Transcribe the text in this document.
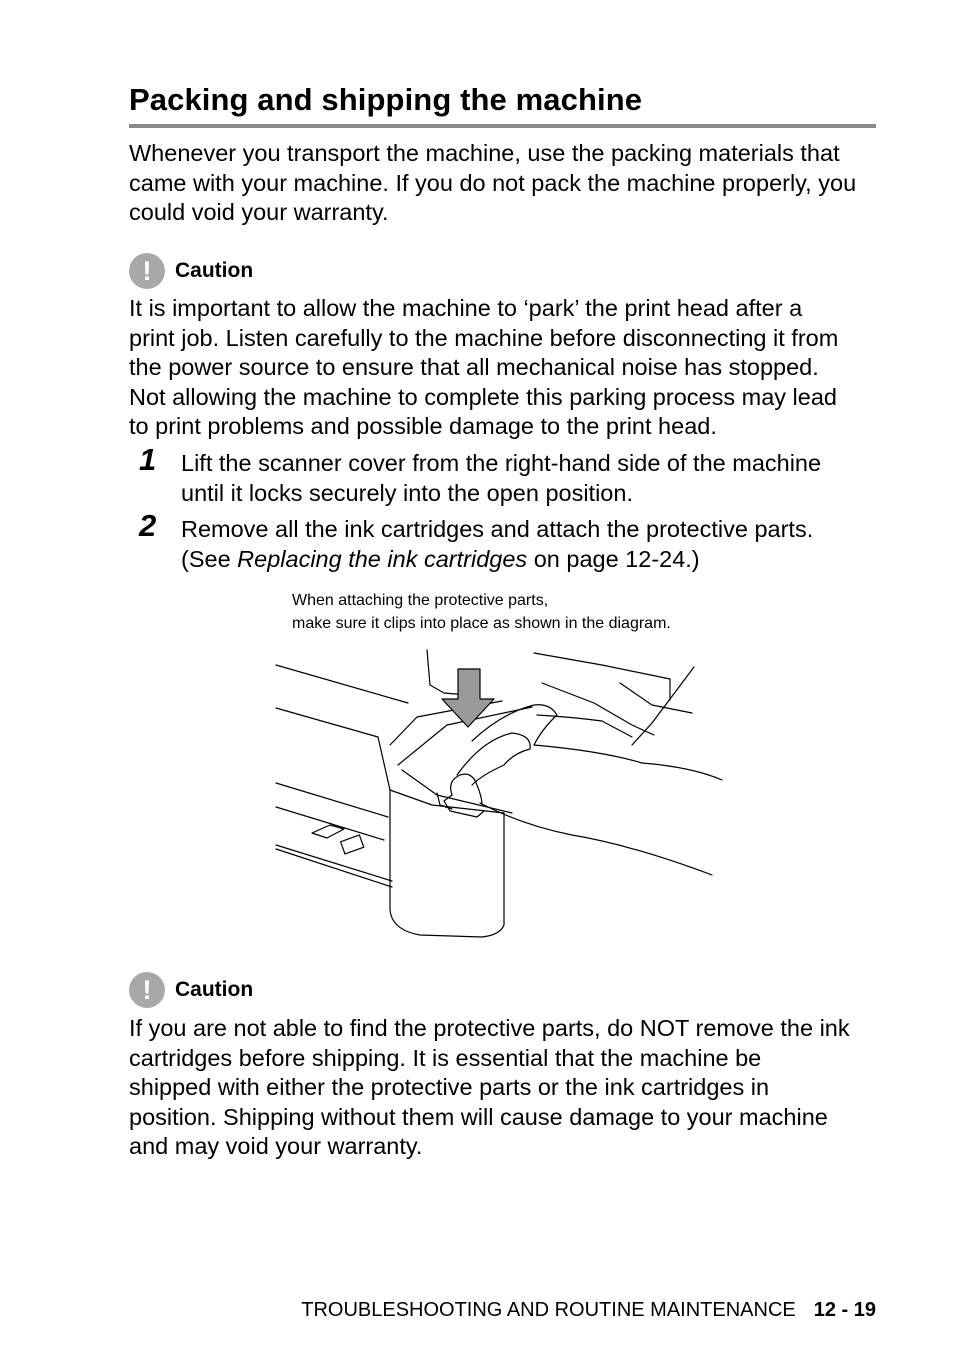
Packing and shipping the machine

Whenever you transport the machine, use the packing materials that came with your machine. If you do not pack the machine properly, you could void your warranty.

!	Caution
It is important to allow the machine to ‘park’ the print head after a
print job. Listen carefully to the machine before disconnecting it from
the power source to ensure that all mechanical noise has stopped.
Not allowing the machine to complete this parking process may lead
to print problems and possible damage to the print head.
1 Lift the scanner cover from the right-hand side of the machine
until it locks securely into the open position.
2 Remove all the ink cartridges and attach the protective parts.
(See Replacing the ink cartridges on page 12-24.)
When attaching the protective parts,
make sure it clips into place as shown in the diagram.
!	Caution
If you are not able to find the protective parts, do NOT remove the ink
cartridges before shipping. It is essential that the machine be
shipped with either the protective parts or the ink cartridges in
position. Shipping without them will cause damage to your machine
and may void your warranty.
TROUBLESHOOTING AND ROUTINE MAINTENANCE 12 - 19
